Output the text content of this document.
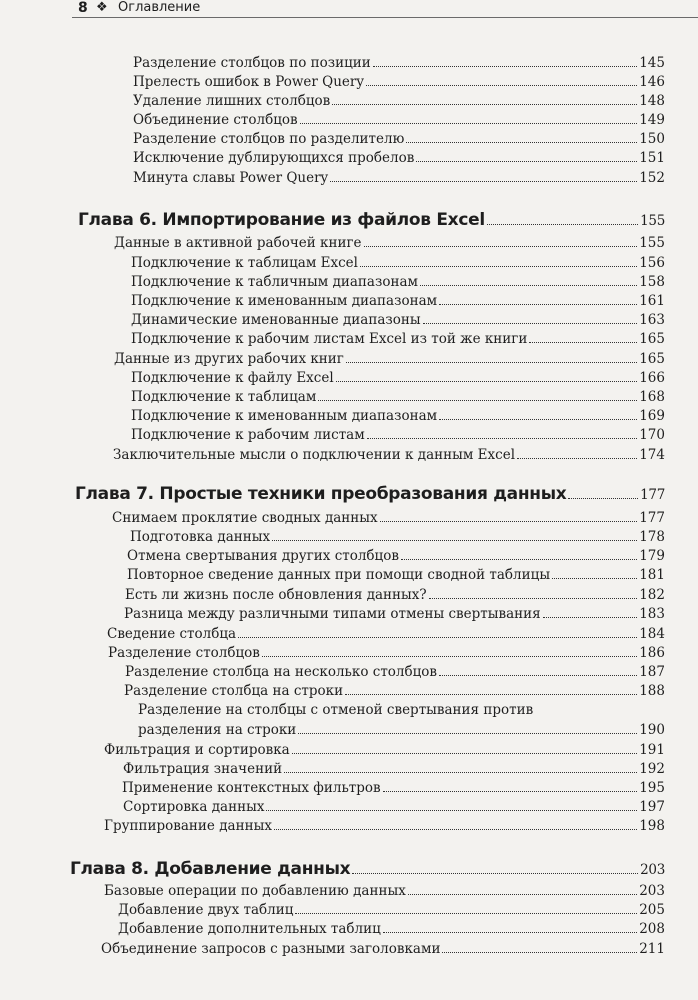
8 ❖ Оглавление
Разделение столбцов по позиции	145
Прелесть ошибок в Power Query	146
Удаление лишних столбцов	148
Объединение столбцов	149
Разделение столбцов по разделителю	150
Исключение дублирующихся пробелов	151
Минута славы Power Query	152
Глава 6. Импортирование из файлов Excel	155
Данные в активной рабочей книге	155
Подключение к таблицам Excel	156
Подключение к табличным диапазонам	158
Подключение к именованным диапазонам	161
Динамические именованные диапазоны	163
Подключение к рабочим листам Excel из той же книги	165
Данные из других рабочих книг	165
Подключение к файлу Excel	166
Подключение к таблицам	168
Подключение к именованным диапазонам	169
Подключение к рабочим листам	170
Заключительные мысли о подключении к данным Excel	174
Глава 7. Простые техники преобразования данных	177
Снимаем проклятие сводных данных	177
Подготовка данных	178
Отмена свертывания других столбцов	179
Повторное сведение данных при помощи сводной таблицы	181
Есть ли жизнь после обновления данных?	182
Разница между различными типами отмены свертывания	183
Сведение столбца	184
Разделение столбцов	186
Разделение столбца на несколько столбцов	187
Разделение столбца на строки	188
Разделение на столбцы с отменой свертывания против
разделения на строки	190
Фильтрация и сортировка	191
Фильтрация значений	192
Применение контекстных фильтров	195
Сортировка данных	197
Группирование данных	198
Глава 8. Добавление данных	203
Базовые операции по добавлению данных	203
Добавление двух таблиц	205
Добавление дополнительных таблиц	208
Объединение запросов с разными заголовками	211
